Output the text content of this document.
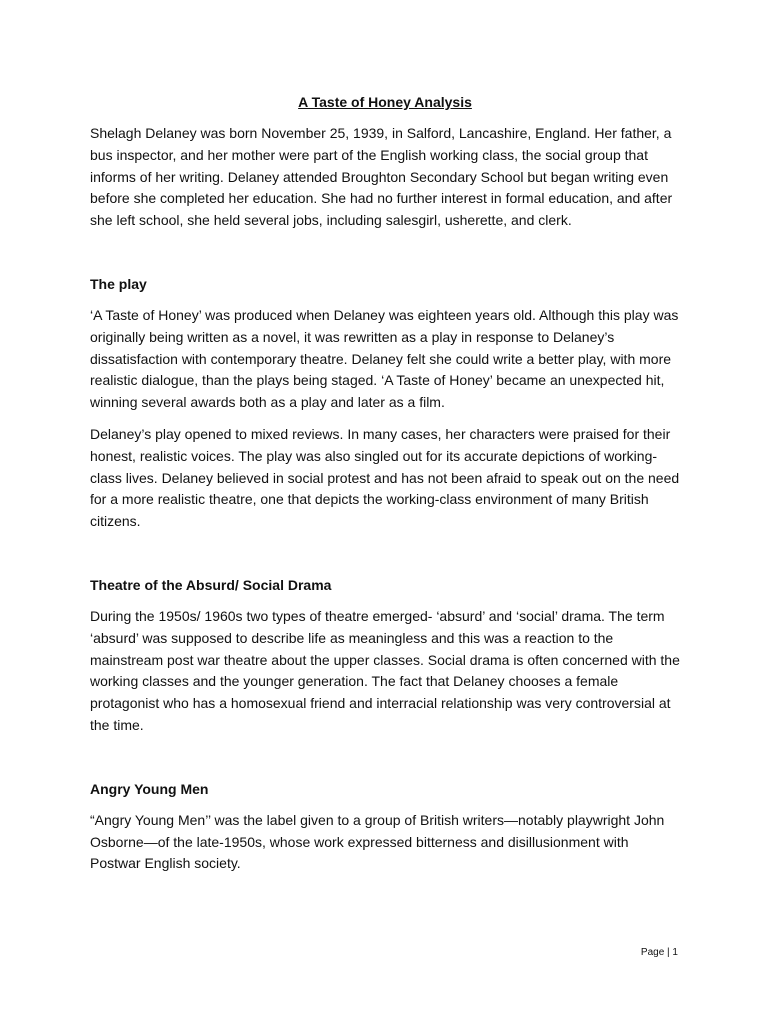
A Taste of Honey Analysis

Shelagh Delaney was born November 25, 1939, in Salford, Lancashire, England. Her father, a bus inspector, and her mother were part of the English working class, the social group that informs of her writing. Delaney attended Broughton Secondary School but began writing even before she completed her education. She had no further interest in formal education, and after she left school, she held several jobs, including salesgirl, usherette, and clerk.

The play

‘A Taste of Honey’ was produced when Delaney was eighteen years old. Although this play was originally being written as a novel, it was rewritten as a play in response to Delaney’s dissatisfaction with contemporary theatre. Delaney felt she could write a better play, with more realistic dialogue, than the plays being staged. ‘A Taste of Honey’ became an unexpected hit, winning several awards both as a play and later as a film.

Delaney’s play opened to mixed reviews. In many cases, her characters were praised for their honest, realistic voices. The play was also singled out for its accurate depictions of working-class lives. Delaney believed in social protest and has not been afraid to speak out on the need for a more realistic theatre, one that depicts the working-class environment of many British citizens.

Theatre of the Absurd/ Social Drama

During the 1950s/ 1960s two types of theatre emerged- ‘absurd’ and ‘social’ drama. The term ‘absurd’ was supposed to describe life as meaningless and this was a reaction to the mainstream post war theatre about the upper classes. Social drama is often concerned with the working classes and the younger generation. The fact that Delaney chooses a female protagonist who has a homosexual friend and interracial relationship was very controversial at the time.

Angry Young Men

“Angry Young Men’’ was the label given to a group of British writers—notably playwright John Osborne—of the late-1950s, whose work expressed bitterness and disillusionment with Postwar English society.

Page | 1
